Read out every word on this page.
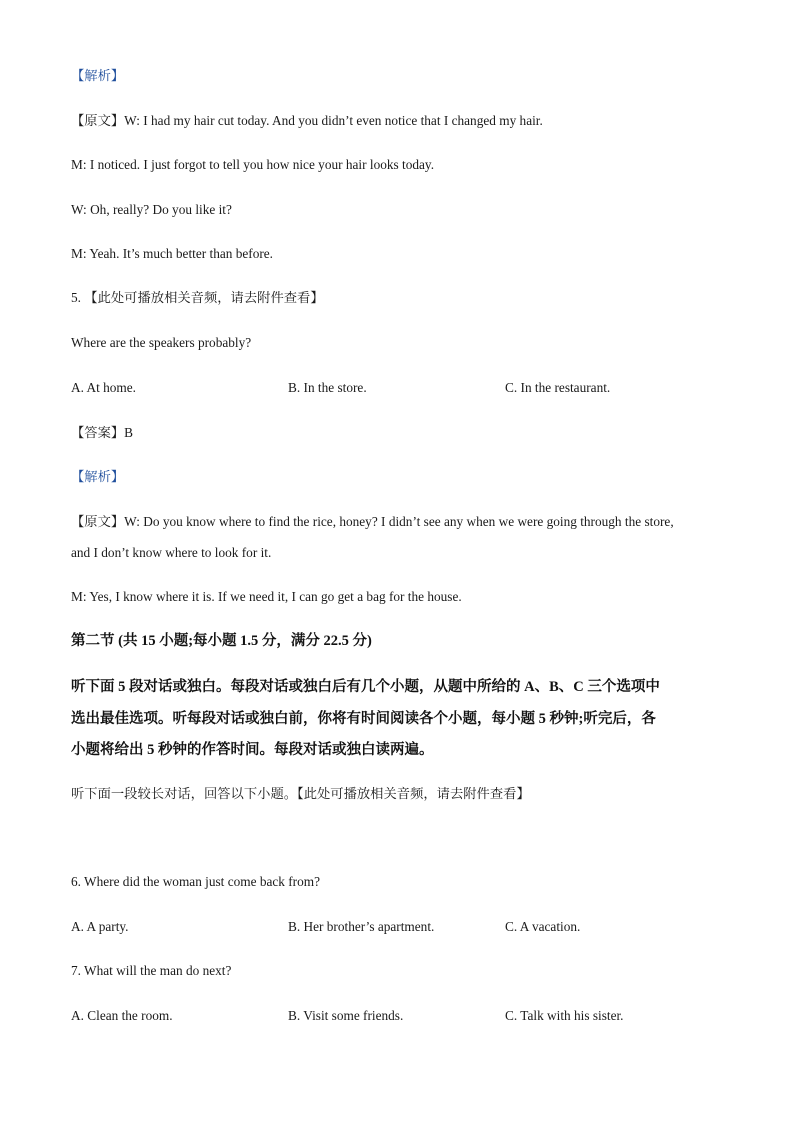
【解析】
【原文】W: I had my hair cut today. And you didn’t even notice that I changed my hair.
M: I noticed. I just forgot to tell you how nice your hair looks today.
W: Oh, really? Do you like it?
M: Yeah. It’s much better than before.
5. 【此处可播放相关音频，请去附件查看】
Where are the speakers probably?
A. At home.	B. In the store.	C. In the restaurant.
【答案】B
【解析】
【原文】W: Do you know where to find the rice, honey? I didn’t see any when we were going through the store,
and I don’t know where to look for it.
M: Yes, I know where it is. If we need it, I can go get a bag for the house.
第二节 (共 15 小题;每小题 1.5 分，满分 22.5 分)
听下面 5 段对话或独白。每段对话或独白后有几个小题，从题中所给的 A、B、C 三个选项中
选出最佳选项。听每段对话或独白前，你将有时间阅读各个小题，每小题 5 秒钟;听完后，各
小题将给出 5 秒钟的作答时间。每段对话或独白读两遍。
听下面一段较长对话，回答以下小题。【此处可播放相关音频，请去附件查看】
6. Where did the woman just come back from?
A. A party.	B. Her brother’s apartment.	C. A vacation.
7. What will the man do next?
A. Clean the room.	B. Visit some friends.	C. Talk with his sister.
